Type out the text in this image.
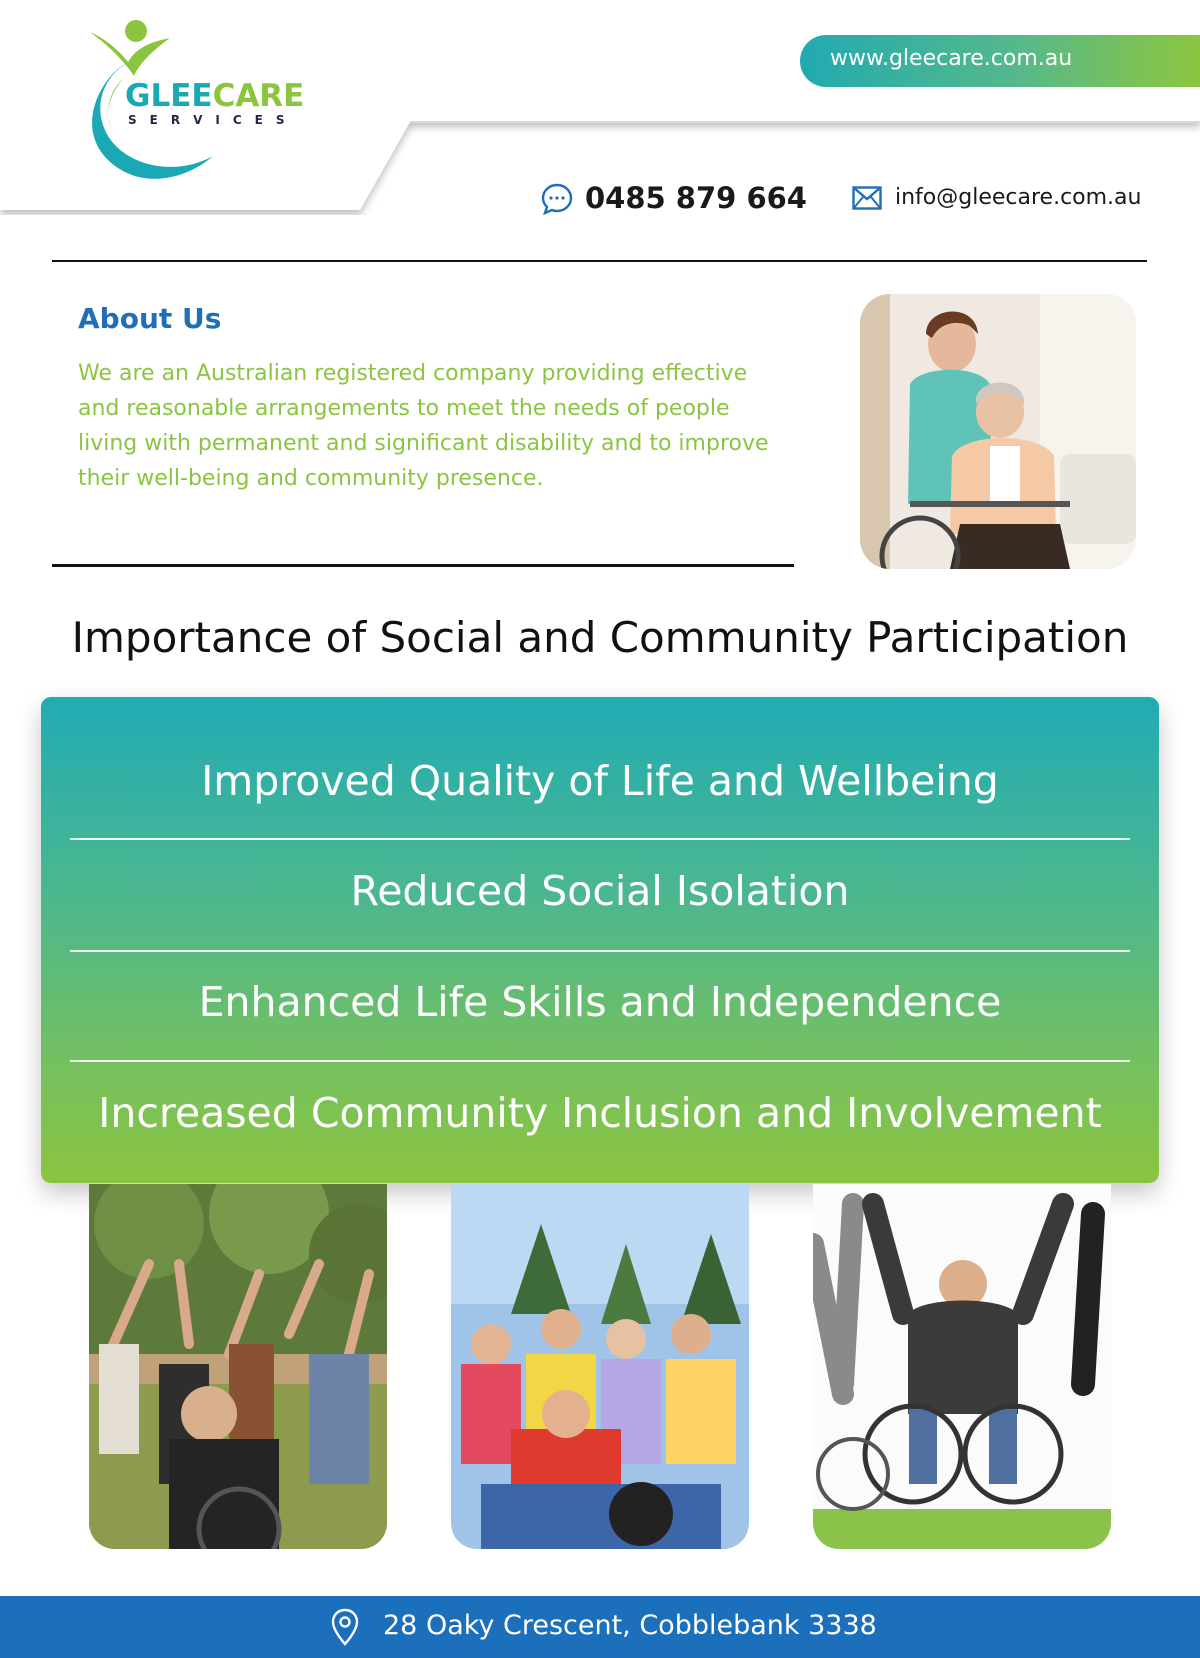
GLEECARE
SERVICES
www.gleecare.com.au
0485 879 664	info@gleecare.com.au
About Us
We are an Australian registered company providing effective and reasonable arrangements to meet the needs of people living with permanent and significant disability and to improve their well-being and community presence.
Importance of Social and Community Participation
Improved Quality of Life and Wellbeing
Reduced Social Isolation
Enhanced Life Skills and Independence
Increased Community Inclusion and Involvement
28 Oaky Crescent, Cobblebank 3338
